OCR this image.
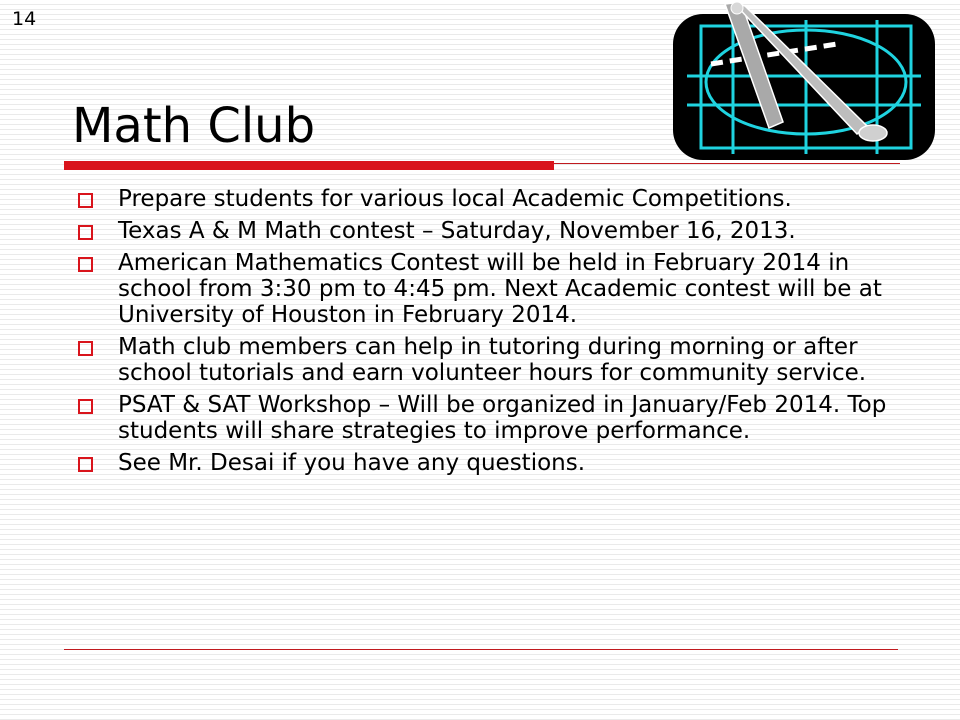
14
Math Club
Prepare students for various local Academic Competitions.
Texas A & M Math contest – Saturday, November 16, 2013.
American Mathematics Contest will be held in February 2014 in school from 3:30 pm to 4:45 pm. Next Academic contest will be at University of Houston in February 2014.
Math club members can help in tutoring during morning or after school tutorials and earn volunteer hours for community service.
PSAT & SAT Workshop – Will be organized in January/Feb 2014. Top students will share strategies to improve performance.
See Mr. Desai if you have any questions.
